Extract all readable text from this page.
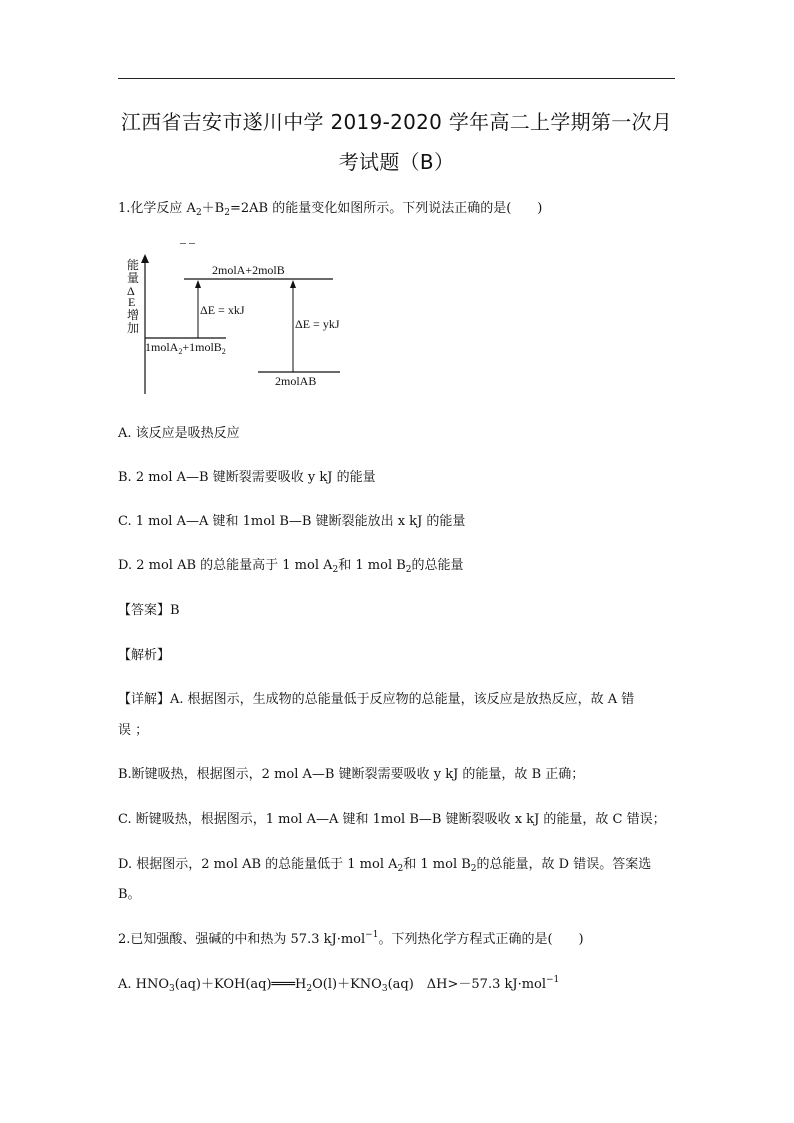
江西省吉安市遂川中学 2019-2020 学年高二上学期第一次月
考试题（B）
1.化学反应 $A_2+B_2=2AB$ 的能量变化如图所示。下列说法正确的是(　　)
– –
能
量
Δ
E
增
加
2molA+2molB
1molA$_2$+1molB$_2$
2molAB
ΔE = xkJ
ΔE = ykJ
A. 该反应是吸热反应
B. 2 mol A—B 键断裂需要吸收 y kJ 的能量
C. 1 mol A—A 键和 1mol B—B 键断裂能放出 x kJ 的能量
D. 2 mol AB 的总能量高于 1 mol $A_2$和 1 mol $B_2$的总能量
【答案】B
【解析】
【详解】A. 根据图示，生成物的总能量低于反应物的总能量，该反应是放热反应，故 A 错
误 ；
B.断键吸热，根据图示，2 mol A—B 键断裂需要吸收 y kJ 的能量，故 B 正确；
C. 断键吸热，根据图示，1 mol A—A 键和 1mol B—B 键断裂吸收 x kJ 的能量，故 C 错误；
D. 根据图示，2 mol AB 的总能量低于 1 mol $A_2$和 1 mol $B_2$的总能量，故 D 错误。答案选
B。
2.已知强酸、强碱的中和热为 57.3 kJ·mol$^{-1}$。下列热化学方程式正确的是(　　)
A. $HNO_3(aq)+KOH(aq)═══H_2O(l)+KNO_3(aq)$　ΔH>－57.3 kJ·mol$^{-1}$
